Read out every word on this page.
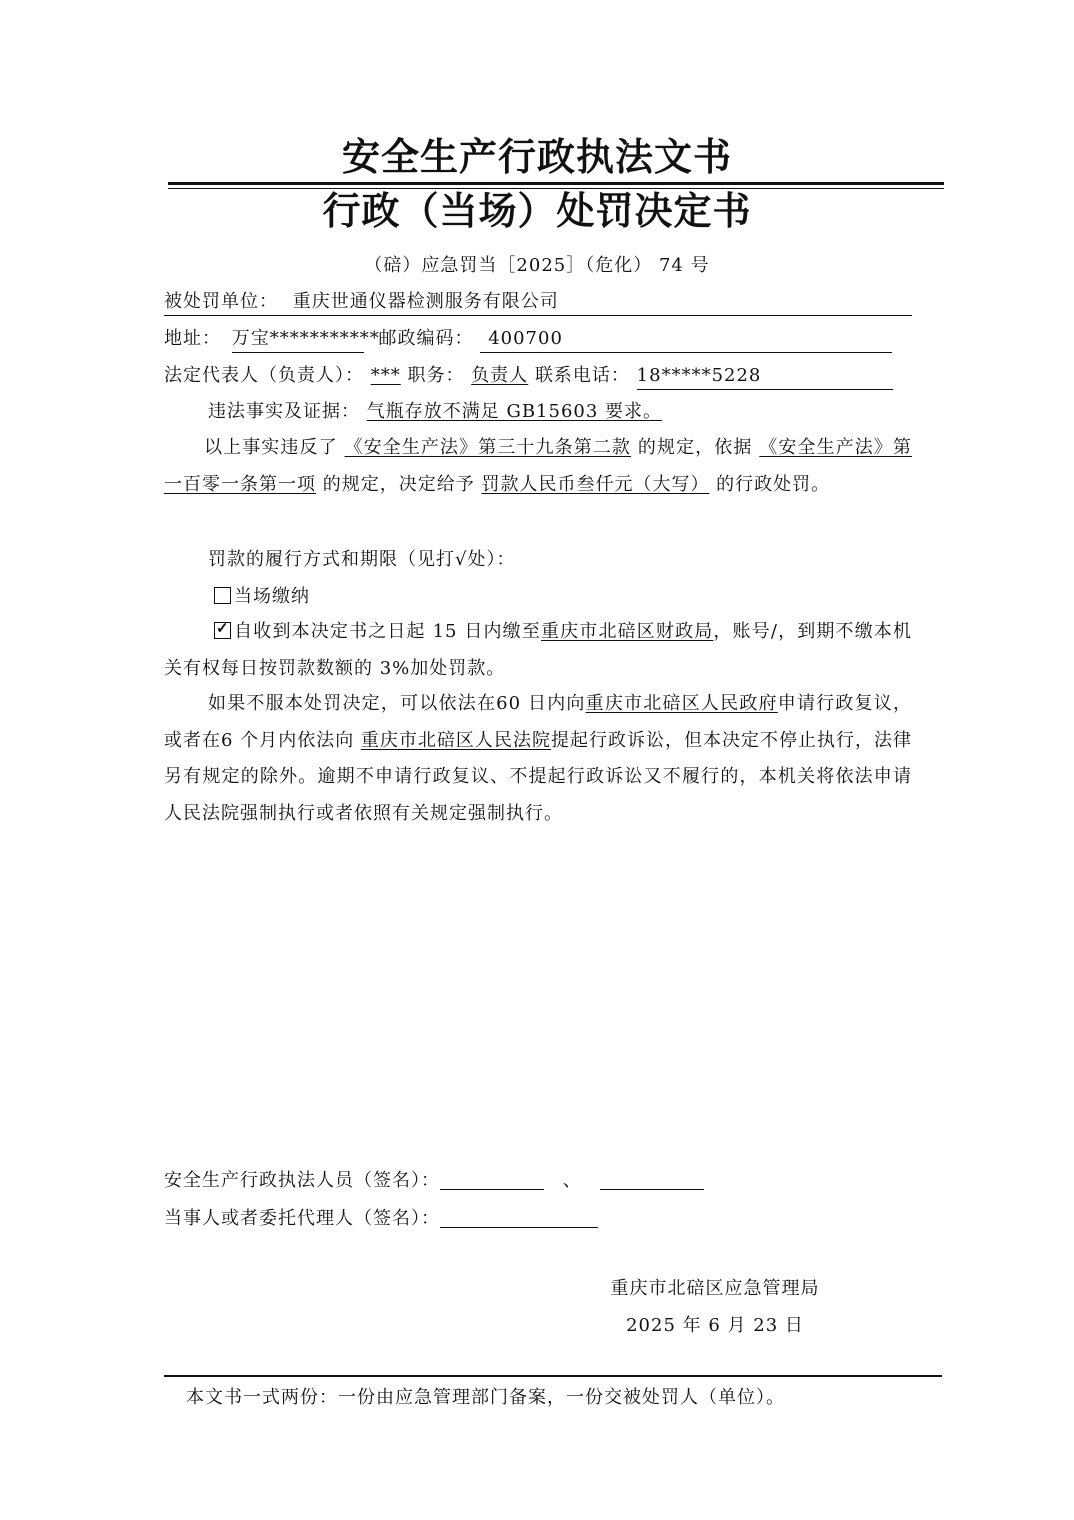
安全生产行政执法文书
行政（当场）处罚决定书
（碚）应急罚当［2025］（危化） 74 号
被处罚单位： 重庆世通仪器检测服务有限公司
地址： 万宝*********** 邮政编码： 400700
法定代表人（负责人）： *** 职务： 负责人 联系电话： 18*****5228
违法事实及证据： 气瓶存放不满足 GB15603 要求。
以上事实违反了 《安全生产法》第三十九条第二款 的规定，依据 《安全生产法》第一百零一条第一项 的规定，决定给予 罚款人民币叁仟元（大写） 的行政处罚。
罚款的履行方式和期限（见打√处）：
当场缴纳
✓ 自收到本决定书之日起 15 日内缴至重庆市北碚区财政局，账号/，到期不缴本机关有权每日按罚款数额的 3%加处罚款。
如果不服本处罚决定，可以依法在60 日内向重庆市北碚区人民政府申请行政复议，或者在6 个月内依法向 重庆市北碚区人民法院提起行政诉讼，但本决定不停止执行，法律另有规定的除外。逾期不申请行政复议、不提起行政诉讼又不履行的，本机关将依法申请人民法院强制执行或者依照有关规定强制执行。
安全生产行政执法人员（签名）：	、
当事人或者委托代理人（签名）：
重庆市北碚区应急管理局
2025 年 6 月 23 日
本文书一式两份：一份由应急管理部门备案，一份交被处罚人（单位）。
